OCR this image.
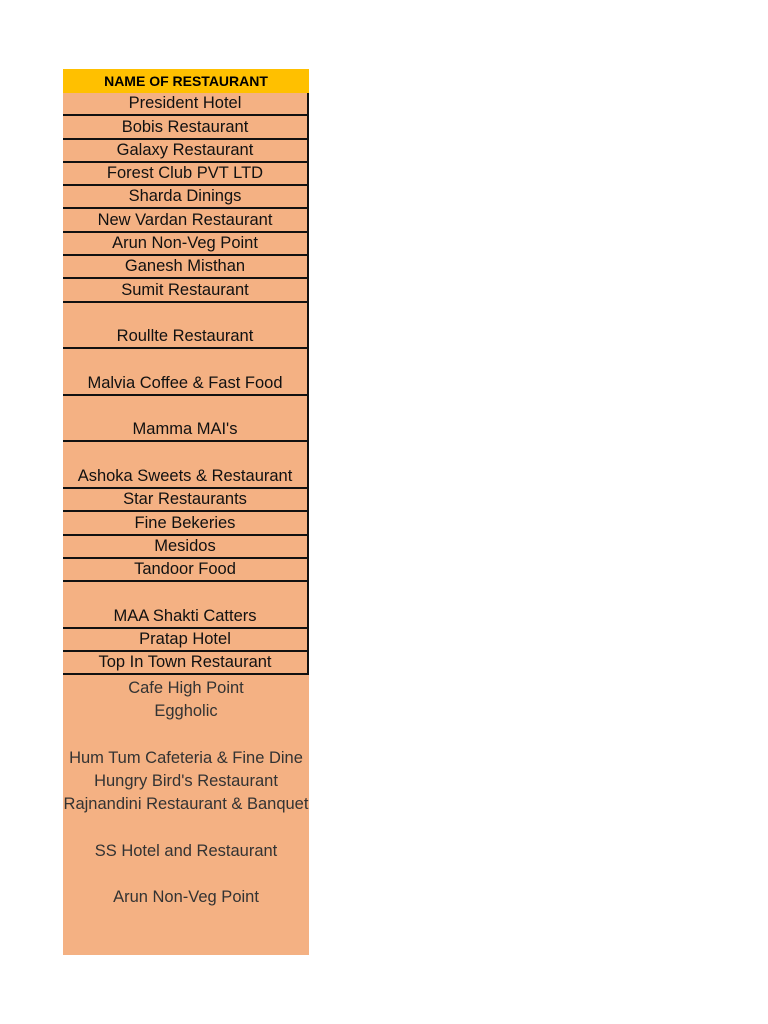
NAME OF RESTAURANT
President Hotel
Bobis Restaurant
Galaxy Restaurant
Forest Club PVT LTD
Sharda Dinings
New Vardan Restaurant
Arun Non-Veg Point
Ganesh Misthan
Sumit Restaurant
Roullte Restaurant
Malvia Coffee & Fast Food
Mamma MAI's
Ashoka Sweets & Restaurant
Star Restaurants
Fine Bekeries
Mesidos
Tandoor Food
MAA Shakti Catters
Pratap Hotel
Top In Town Restaurant
Cafe High Point
Eggholic
Hum Tum Cafeteria & Fine Dine
Hungry Bird's Restaurant
Rajnandini Restaurant & Banquet
SS Hotel and Restaurant
Arun Non-Veg Point
